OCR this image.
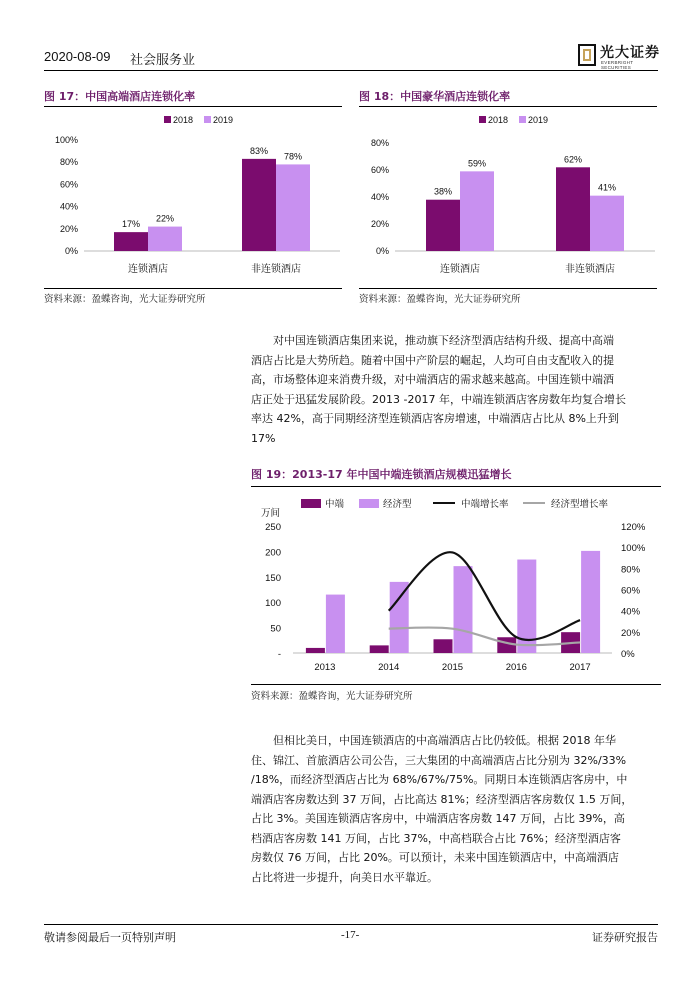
2020-08-09 社会服务业	光大证券
EVERBRIGHT SECURITIES
图 17：中国高端酒店连锁化率
2018 2019
0%
20%
40%
60%
80%
100%
17%
22%
连锁酒店
83%
78%
非连锁酒店
资料来源：盈蝶咨询，光大证券研究所
图 18：中国豪华酒店连锁化率
2018 2019
0%
20%
40%
60%
80%
38%
59%
连锁酒店
62%
41%
非连锁酒店
资料来源：盈蝶咨询，光大证券研究所
对中国连锁酒店集团来说，推动旗下经济型酒店结构升级、提高中高端
酒店占比是大势所趋。随着中国中产阶层的崛起，人均可自由支配收入的提
高，市场整体迎来消费升级，对中端酒店的需求越来越高。中国连锁中端酒
店正处于迅猛发展阶段。2013 -2017 年，中端连锁酒店客房数年均复合增长
率达 42%，高于同期经济型连锁酒店客房增速，中端酒店占比从 8%上升到
17%
图 19：2013-17 年中国中端连锁酒店规模迅猛增长
中端	经济型	中端增长率	经济型增长率
万间
-
50
100
150
200
250
0%
20%
40%
60%
80%
100%
120%
2013	2014	2015	2016	2017
资料来源：盈蝶咨询，光大证券研究所
但相比美日，中国连锁酒店的中高端酒店占比仍较低。根据 2018 年华
住、锦江、首旅酒店公司公告，三大集团的中高端酒店占比分别为 32%/33%
/18%，而经济型酒店占比为 68%/67%/75%。同期日本连锁酒店客房中，中
端酒店客房数达到 37 万间，占比高达 81%；经济型酒店客房数仅 1.5 万间，
占比 3%。美国连锁酒店客房中，中端酒店客房数 147 万间，占比 39%，高
档酒店客房数 141 万间，占比 37%，中高档联合占比 76%；经济型酒店客
房数仅 76 万间，占比 20%。可以预计，未来中国连锁酒店中，中高端酒店
占比将进一步提升，向美日水平靠近。
敬请参阅最后一页特别声明	-17-	证券研究报告
